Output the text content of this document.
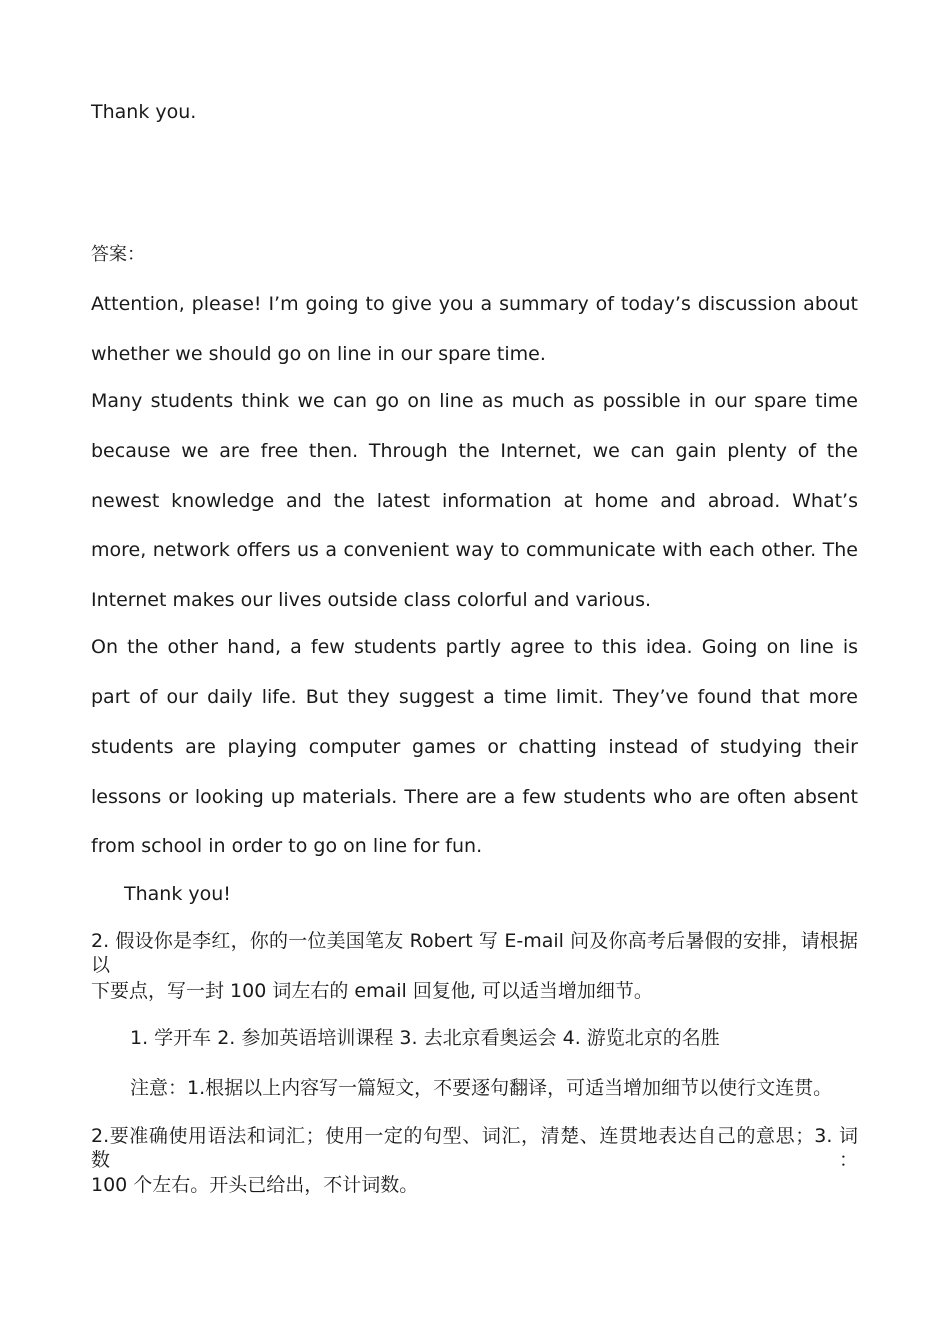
Thank you.
答案：
Attention, please! I’m going to give you a summary of today’s discussion about
whether we should go on line in our spare time.
Many students think we can go on line as much as possible in our spare time
because we are free then. Through the Internet, we can gain plenty of the
newest knowledge and the latest information at home and abroad. What’s
more, network offers us a convenient way to communicate with each other. The
Internet makes our lives outside class colorful and various.
On the other hand, a few students partly agree to this idea. Going on line is
part of our daily life. But they suggest a time limit. They’ve found that more
students are playing computer games or chatting instead of studying their
lessons or looking up materials. There are a few students who are often absent
from school in order to go on line for fun.
Thank you!
2. 假设你是李红，你的一位美国笔友 Robert 写 E-mail 问及你高考后暑假的安排，请根据以
下要点，写一封 100 词左右的 email 回复他, 可以适当增加细节。
1. 学开车 2. 参加英语培训课程 3. 去北京看奥运会 4. 游览北京的名胜
注意：1.根据以上内容写一篇短文，不要逐句翻译，可适当增加细节以使行文连贯。
2.要准确使用语法和词汇；使用一定的句型、词汇，清楚、连贯地表达自己的意思；3. 词数：
100 个左右。开头已给出，不计词数。
